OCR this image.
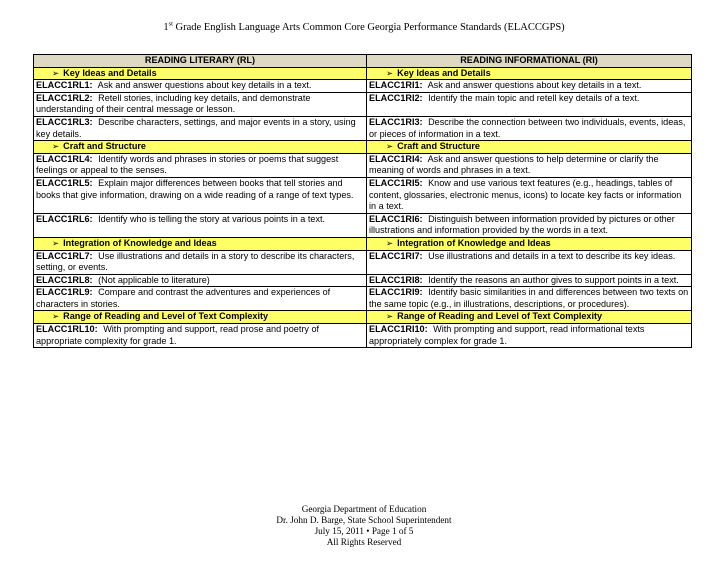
1st Grade English Language Arts Common Core Georgia Performance Standards (ELACCGPS)
READING LITERARY (RL)	READING INFORMATIONAL (RI)
➢ Key Ideas and Details	➢ Key Ideas and Details
ELACC1RL1: Ask and answer questions about key details in a text.	ELACC1RI1: Ask and answer questions about key details in a text.
ELACC1RL2: Retell stories, including key details, and demonstrate understanding of their central message or lesson.	ELACC1RI2: Identify the main topic and retell key details of a text.
ELACC1RL3: Describe characters, settings, and major events in a story, using key details.	ELACC1RI3: Describe the connection between two individuals, events, ideas, or pieces of information in a text.
➢ Craft and Structure	➢ Craft and Structure
ELACC1RL4: Identify words and phrases in stories or poems that suggest feelings or appeal to the senses.	ELACC1RI4: Ask and answer questions to help determine or clarify the meaning of words and phrases in a text.
ELACC1RL5: Explain major differences between books that tell stories and books that give information, drawing on a wide reading of a range of text types.	ELACC1RI5: Know and use various text features (e.g., headings, tables of content, glossaries, electronic menus, icons) to locate key facts or information in a text.
ELACC1RL6: Identify who is telling the story at various points in a text.	ELACC1RI6: Distinguish between information provided by pictures or other illustrations and information provided by the words in a text.
➢ Integration of Knowledge and Ideas	➢ Integration of Knowledge and Ideas
ELACC1RL7: Use illustrations and details in a story to describe its characters, setting, or events.	ELACC1RI7: Use illustrations and details in a text to describe its key ideas.
ELACC1RL8: (Not applicable to literature)	ELACC1RI8: Identify the reasons an author gives to support points in a text.
ELACC1RL9: Compare and contrast the adventures and experiences of characters in stories.	ELACC1RI9: Identify basic similarities in and differences between two texts on the same topic (e.g., in illustrations, descriptions, or procedures).
➢ Range of Reading and Level of Text Complexity	➢ Range of Reading and Level of Text Complexity
ELACC1RL10: With prompting and support, read prose and poetry of appropriate complexity for grade 1.	ELACC1RI10: With prompting and support, read informational texts appropriately complex for grade 1.
Georgia Department of Education
Dr. John D. Barge, State School Superintendent
July 15, 2011 • Page 1 of 5
All Rights Reserved
